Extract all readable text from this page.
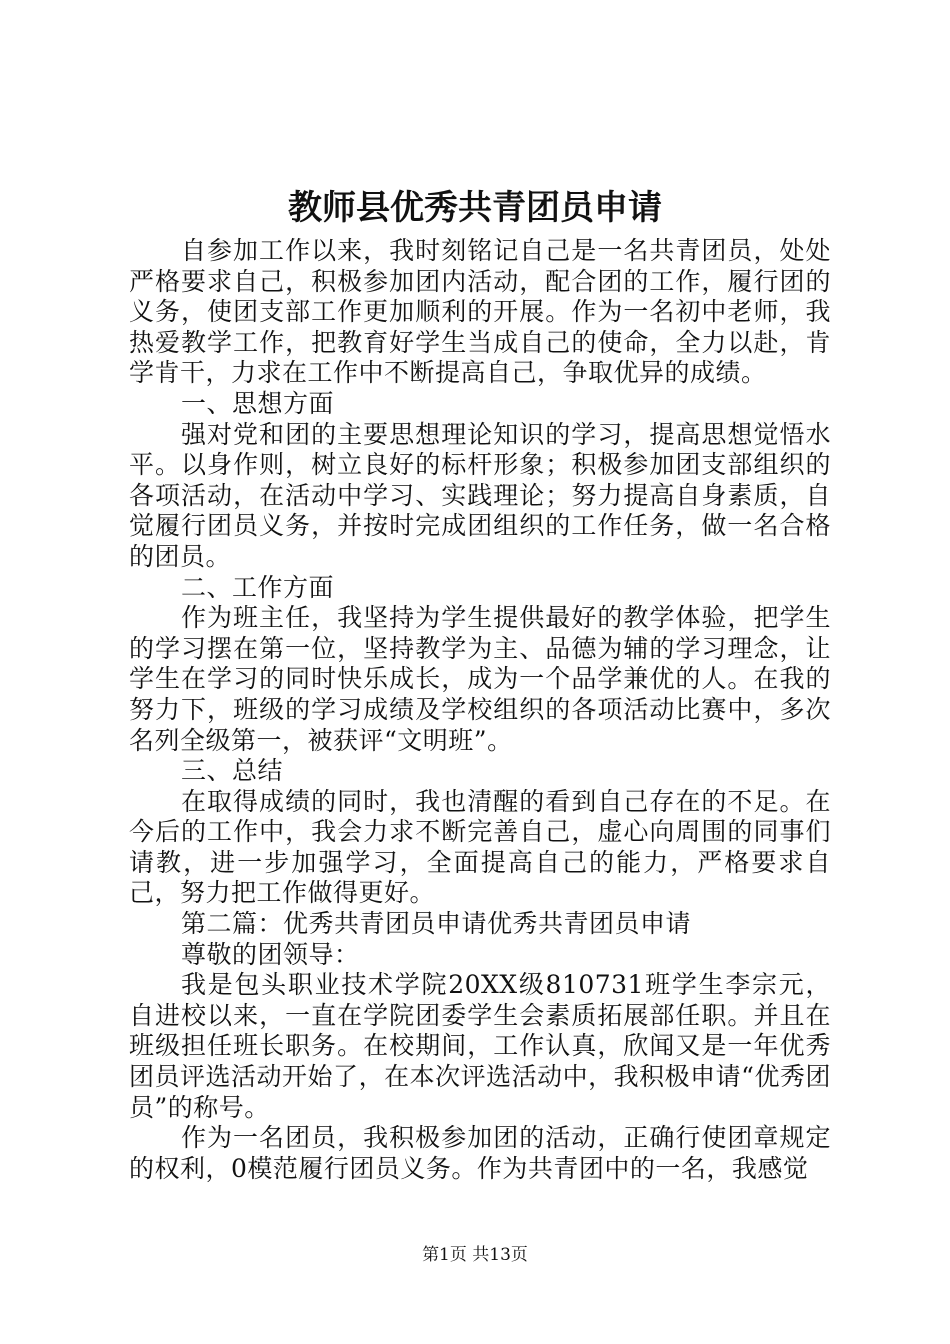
教师县优秀共青团员申请

自参加工作以来，我时刻铭记自己是一名共青团员，处处严格要求自己，积极参加团内活动，配合团的工作，履行团的义务，使团支部工作更加顺利的开展。作为一名初中老师，我热爱教学工作，把教育好学生当成自己的使命，全力以赴，肯学肯干，力求在工作中不断提高自己，争取优异的成绩。

一、思想方面

强对党和团的主要思想理论知识的学习，提高思想觉悟水平。以身作则，树立良好的标杆形象；积极参加团支部组织的各项活动，在活动中学习、实践理论；努力提高自身素质，自觉履行团员义务，并按时完成团组织的工作任务，做一名合格的团员。

二、工作方面

作为班主任，我坚持为学生提供最好的教学体验，把学生的学习摆在第一位，坚持教学为主、品德为辅的学习理念，让学生在学习的同时快乐成长，成为一个品学兼优的人。在我的努力下，班级的学习成绩及学校组织的各项活动比赛中，多次名列全级第一，被获评“文明班”。

三、总结

在取得成绩的同时，我也清醒的看到自己存在的不足。在今后的工作中，我会力求不断完善自己，虚心向周围的同事们请教，进一步加强学习，全面提高自己的能力，严格要求自己，努力把工作做得更好。

第二篇：优秀共青团员申请优秀共青团员申请

尊敬的团领导：

我是包头职业技术学院20XX级810731班学生李宗元，自进校以来，一直在学院团委学生会素质拓展部任职。并且在班级担任班长职务。在校期间，工作认真，欣闻又是一年优秀团员评选活动开始了，在本次评选活动中，我积极申请“优秀团员”的称号。

作为一名团员，我积极参加团的活动，正确行使团章规定的权利，0模范履行团员义务。作为共青团中的一名，我感觉

第1页 共13页
